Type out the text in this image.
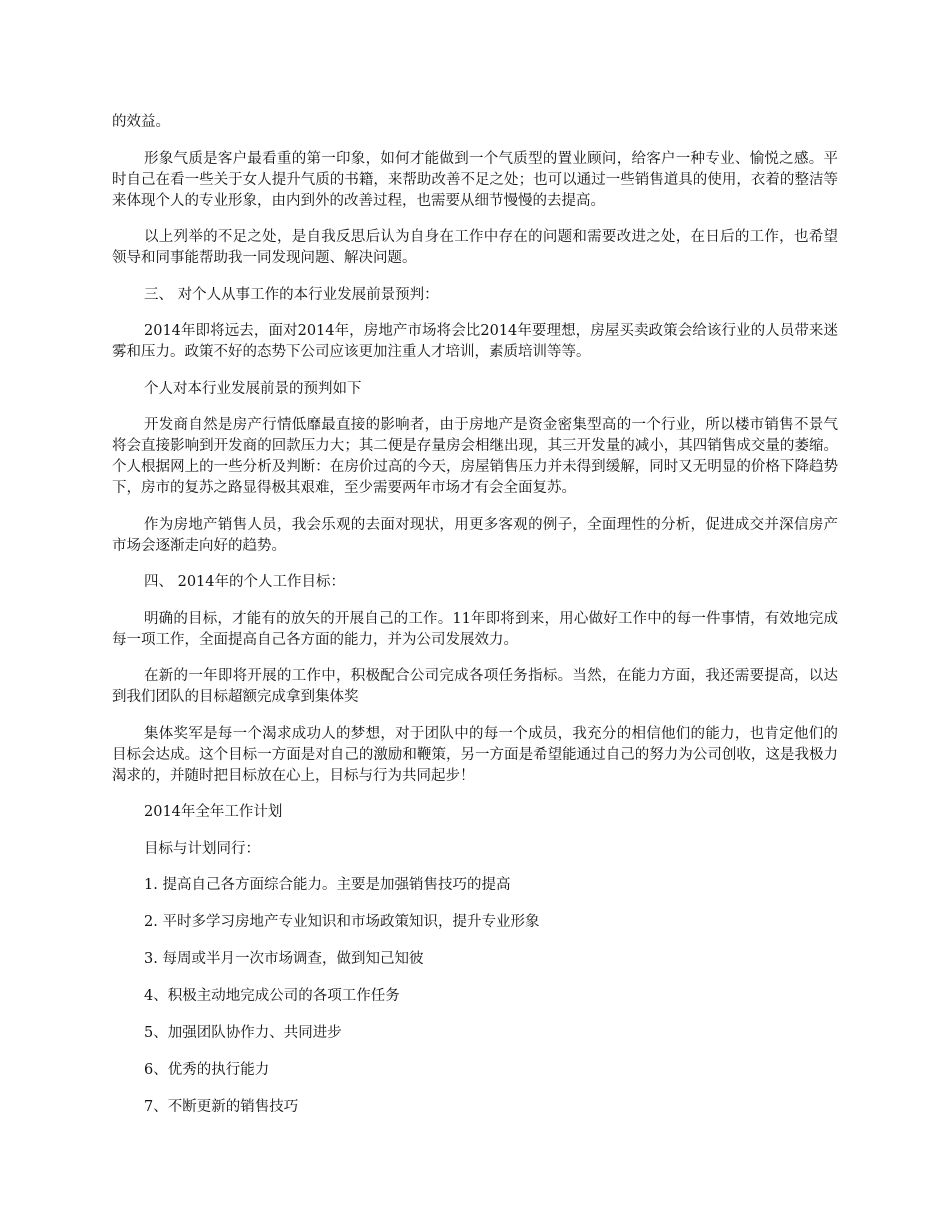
的效益。

形象气质是客户最看重的第一印象，如何才能做到一个气质型的置业顾问，给客户一种专业、愉悦之感。平时自己在看一些关于女人提升气质的书籍，来帮助改善不足之处；也可以通过一些销售道具的使用，衣着的整洁等来体现个人的专业形象，由内到外的改善过程，也需要从细节慢慢的去提高。

以上列举的不足之处，是自我反思后认为自身在工作中存在的问题和需要改进之处，在日后的工作，也希望领导和同事能帮助我一同发现问题、解决问题。

三、 对个人从事工作的本行业发展前景预判：

2014年即将远去，面对2014年，房地产市场将会比2014年要理想，房屋买卖政策会给该行业的人员带来迷雾和压力。政策不好的态势下公司应该更加注重人才培训，素质培训等等。

个人对本行业发展前景的预判如下

开发商自然是房产行情低靡最直接的影响者，由于房地产是资金密集型高的一个行业，所以楼市销售不景气将会直接影响到开发商的回款压力大；其二便是存量房会相继出现，其三开发量的减小，其四销售成交量的萎缩。个人根据网上的一些分析及判断：在房价过高的今天，房屋销售压力并未得到缓解，同时又无明显的价格下降趋势下，房市的复苏之路显得极其艰难，至少需要两年市场才有会全面复苏。

作为房地产销售人员，我会乐观的去面对现状，用更多客观的例子，全面理性的分析，促进成交并深信房产市场会逐渐走向好的趋势。

四、 2014年的个人工作目标：

明确的目标，才能有的放矢的开展自己的工作。11年即将到来，用心做好工作中的每一件事情，有效地完成每一项工作，全面提高自己各方面的能力，并为公司发展效力。

在新的一年即将开展的工作中，积极配合公司完成各项任务指标。当然，在能力方面，我还需要提高，以达到我们团队的目标超额完成拿到集体奖

集体奖军是每一个渴求成功人的梦想，对于团队中的每一个成员，我充分的相信他们的能力，也肯定他们的目标会达成。这个目标一方面是对自己的激励和鞭策，另一方面是希望能通过自己的努力为公司创收，这是我极力渴求的，并随时把目标放在心上，目标与行为共同起步！

2014年全年工作计划

目标与计划同行：

1. 提高自己各方面综合能力。主要是加强销售技巧的提高

2. 平时多学习房地产专业知识和市场政策知识，提升专业形象

3. 每周或半月一次市场调查，做到知己知彼

4、积极主动地完成公司的各项工作任务

5、加强团队协作力、共同进步

6、优秀的执行能力

7、不断更新的销售技巧
